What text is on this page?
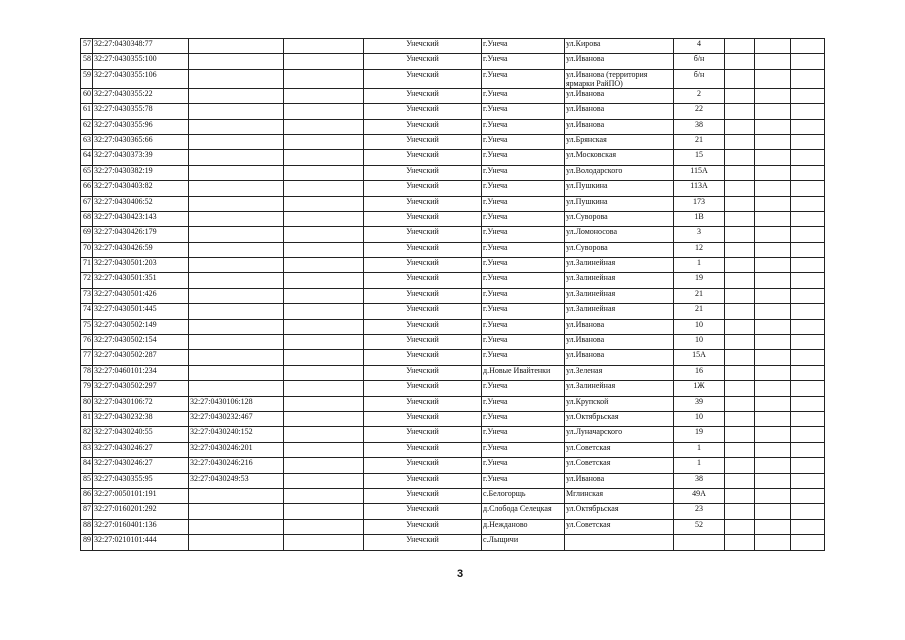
57	32:27:0430348:77			Унечский	г.Унеча	ул.Кирова	4			
58	32:27:0430355:100			Унечский	г.Унеча	ул.Иванова	б/н			
59	32:27:0430355:106			Унечский	г.Унеча	ул.Иванова (территория ярмарки РайПО)	б/н			
60	32:27:0430355:22			Унечский	г.Унеча	ул.Иванова	2			
61	32:27:0430355:78			Унечский	г.Унеча	ул.Иванова	22			
62	32:27:0430355:96			Унечский	г.Унеча	ул.Иванова	38			
63	32:27:0430365:66			Унечский	г.Унеча	ул.Брянская	21			
64	32:27:0430373:39			Унечский	г.Унеча	ул.Московская	15			
65	32:27:0430382:19			Унечский	г.Унеча	ул.Володарского	115А			
66	32:27:0430403:82			Унечский	г.Унеча	ул.Пушкина	113А			
67	32:27:0430406:52			Унечский	г.Унеча	ул.Пушкина	173			
68	32:27:0430423:143			Унечский	г.Унеча	ул.Суворова	1В			
69	32:27:0430426:179			Унечский	г.Унеча	ул.Ломоносова	3			
70	32:27:0430426:59			Унечский	г.Унеча	ул.Суворова	12			
71	32:27:0430501:203			Унечский	г.Унеча	ул.Залинейная	1			
72	32:27:0430501:351			Унечский	г.Унеча	ул.Залинейная	19			
73	32:27:0430501:426			Унечский	г.Унеча	ул.Залинейная	21			
74	32:27:0430501:445			Унечский	г.Унеча	ул.Залинейная	21			
75	32:27:0430502:149			Унечский	г.Унеча	ул.Иванова	10			
76	32:27:0430502:154			Унечский	г.Унеча	ул.Иванова	10			
77	32:27:0430502:287			Унечский	г.Унеча	ул.Иванова	15А			
78	32:27:0460101:234			Унечский	д.Новые Ивайтенки	ул.Зеленая	16			
79	32:27:0430502:297			Унечский	г.Унеча	ул.Залинейная	1Ж			
80	32:27:0430106:72	32:27:0430106:128		Унечский	г.Унеча	ул.Крупской	39			
81	32:27:0430232:38	32:27:0430232:467		Унечский	г.Унеча	ул.Октябрьская	10			
82	32:27:0430240:55	32:27:0430240:152		Унечский	г.Унеча	ул.Луначарского	19			
83	32:27:0430246:27	32:27:0430246:201		Унечский	г.Унеча	ул.Советская	1			
84	32:27:0430246:27	32:27:0430246:216		Унечский	г.Унеча	ул.Советская	1			
85	32:27:0430355:95	32:27:0430249:53		Унечский	г.Унеча	ул.Иванова	38			
86	32:27:0050101:191			Унечский	с.Белогорщь	Мглинская	49А			
87	32:27:0160201:292			Унечский	д.Слобода Селецкая	ул.Октябрьская	23			
88	32:27:0160401:136			Унечский	д.Нежданово	ул.Советская	52			
89	32:27:0210101:444			Унечский	с.Лыщичи					
3
